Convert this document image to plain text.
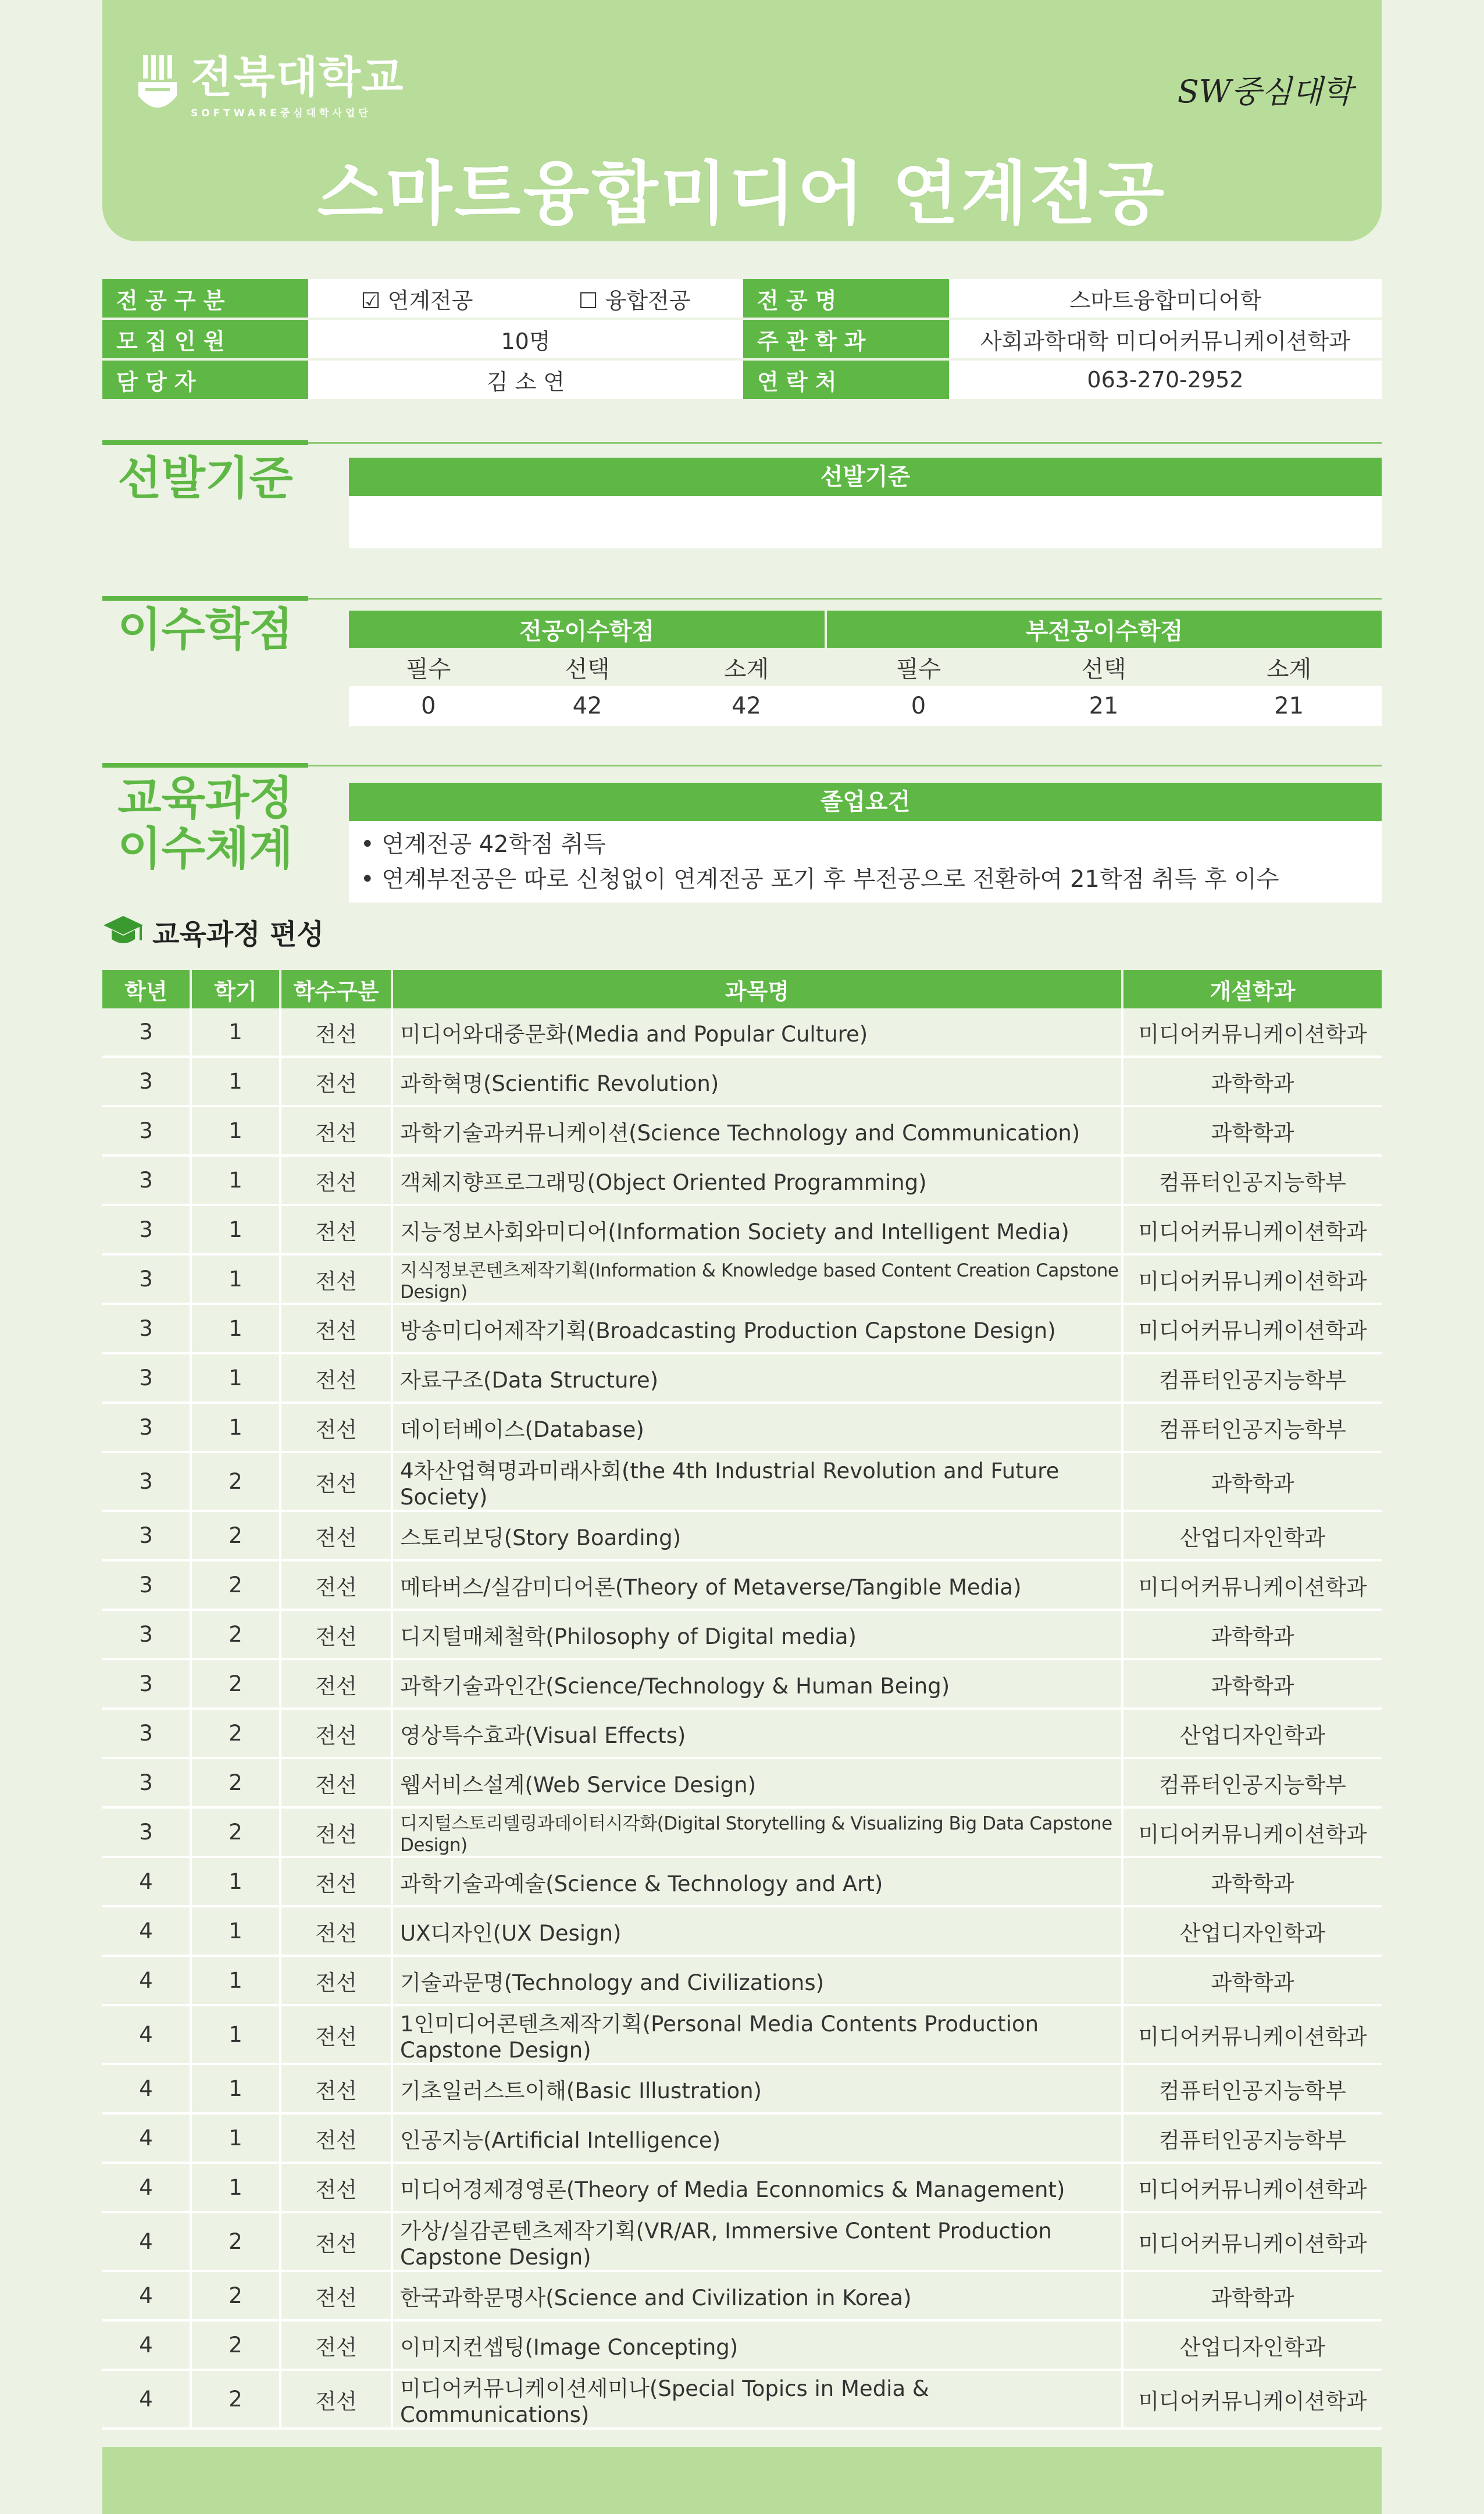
전북대학교
SOFTWARE중심대학사업단
SW중심대학
스마트융합미디어 연계전공
전 공 구 분	☑ 연계전공 ☐ 융합전공	전 공 명	스마트융합미디어학

모 집 인 원	10명	주 관 학 과	사회과학대학 미디어커뮤니케이션학과

담 당 자	김 소 연	연 락 처	063-270-2952
선발기준	선발기준
이수학점	전공이수학점			부전공이수학점		
필수	선택	소계	필수	선택	소계
0	42	42	0	21	21
교육과정
이수체계
졸업요건
• 연계전공 42학점 취득
• 연계부전공은 따로 신청없이 연계전공 포기 후 부전공으로 전환하여 21학점 취득 후 이수
교육과정 편성
학년	학기	학수구분	과목명	개설학과
3	1	전선	미디어와대중문화(Media and Popular Culture)	미디어커뮤니케이션학과
3	1	전선	과학혁명(Scientific Revolution)	과학학과
3	1	전선	과학기술과커뮤니케이션(Science Technology and Communication)	과학학과
3	1	전선	객체지향프로그래밍(Object Oriented Programming)	컴퓨터인공지능학부
3	1	전선	지능정보사회와미디어(Information Society and Intelligent Media)	미디어커뮤니케이션학과
3	1	전선	지식정보콘텐츠제작기획(Information & Knowledge based Content Creation Capstone Design)	미디어커뮤니케이션학과
3	1	전선	방송미디어제작기획(Broadcasting Production Capstone Design)	미디어커뮤니케이션학과
3	1	전선	자료구조(Data Structure)	컴퓨터인공지능학부
3	1	전선	데이터베이스(Database)	컴퓨터인공지능학부
3	2	전선	4차산업혁명과미래사회(the 4th Industrial Revolution and Future Society)	과학학과
3	2	전선	스토리보딩(Story Boarding)	산업디자인학과
3	2	전선	메타버스/실감미디어론(Theory of Metaverse/Tangible Media)	미디어커뮤니케이션학과
3	2	전선	디지털매체철학(Philosophy of Digital media)	과학학과
3	2	전선	과학기술과인간(Science/Technology & Human Being)	과학학과
3	2	전선	영상특수효과(Visual Effects)	산업디자인학과
3	2	전선	웹서비스설계(Web Service Design)	컴퓨터인공지능학부
3	2	전선	디지털스토리텔링과데이터시각화(Digital Storytelling & Visualizing Big Data Capstone Design)	미디어커뮤니케이션학과
4	1	전선	과학기술과예술(Science & Technology and Art)	과학학과
4	1	전선	UX디자인(UX Design)	산업디자인학과
4	1	전선	기술과문명(Technology and Civilizations)	과학학과
4	1	전선	1인미디어콘텐츠제작기획(Personal Media Contents Production Capstone Design)	미디어커뮤니케이션학과
4	1	전선	기초일러스트이해(Basic Illustration)	컴퓨터인공지능학부
4	1	전선	인공지능(Artificial Intelligence)	컴퓨터인공지능학부
4	1	전선	미디어경제경영론(Theory of Media Econnomics & Management)	미디어커뮤니케이션학과
4	2	전선	가상/실감콘텐츠제작기획(VR/AR, Immersive Content Production Capstone Design)	미디어커뮤니케이션학과
4	2	전선	한국과학문명사(Science and Civilization in Korea)	과학학과
4	2	전선	이미지컨셉팅(Image Concepting)	산업디자인학과
4	2	전선	미디어커뮤니케이션세미나(Special Topics in Media & Communications)	미디어커뮤니케이션학과
